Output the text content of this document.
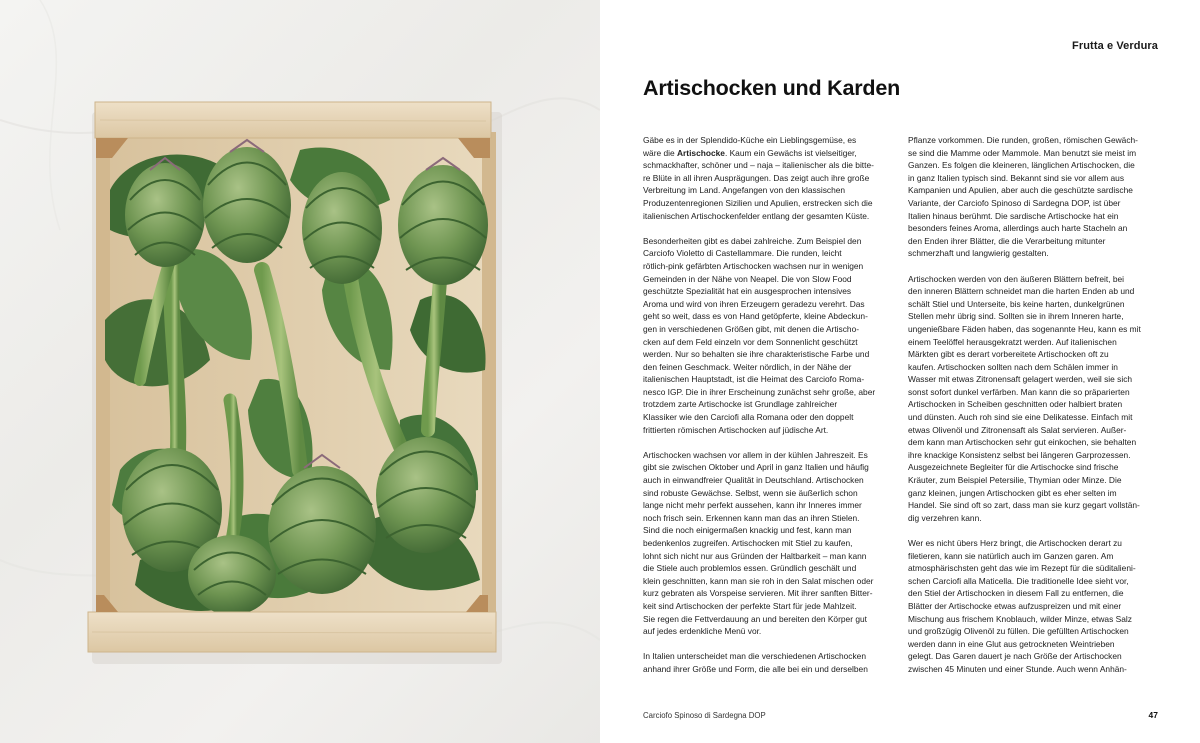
Frutta e Verdura
Artischocken und Karden

Gäbe es in der Splendido-Küche ein Lieblingsgemüse, es
wäre die Artischocke. Kaum ein Gewächs ist vielseitiger,
schmackhafter, schöner und – naja – italienischer als die bitte-
re Blüte in all ihren Ausprägungen. Das zeigt auch ihre große
Verbreitung im Land. Angefangen von den klassischen
Produzentenregionen Sizilien und Apulien, erstrecken sich die
italienischen Artischockenfelder entlang der gesamten Küste.

Besonderheiten gibt es dabei zahlreiche. Zum Beispiel den
Carciofo Violetto di Castellammare. Die runden, leicht
rötlich-pink gefärbten Artischocken wachsen nur in wenigen
Gemeinden in der Nähe von Neapel. Die von Slow Food
geschützte Spezialität hat ein ausgesprochen intensives
Aroma und wird von ihren Erzeugern geradezu verehrt. Das
geht so weit, dass es von Hand getöpferte, kleine Abdeckun-
gen in verschiedenen Größen gibt, mit denen die Artischo-
cken auf dem Feld einzeln vor dem Sonnenlicht geschützt
werden. Nur so behalten sie ihre charakteristische Farbe und
den feinen Geschmack. Weiter nördlich, in der Nähe der
italienischen Hauptstadt, ist die Heimat des Carciofo Roma-
nesco IGP. Die in ihrer Erscheinung zunächst sehr große, aber
trotzdem zarte Artischocke ist Grundlage zahlreicher
Klassiker wie den Carciofi alla Romana oder den doppelt
frittierten römischen Artischocken auf jüdische Art.

Artischocken wachsen vor allem in der kühlen Jahreszeit. Es
gibt sie zwischen Oktober und April in ganz Italien und häufig
auch in einwandfreier Qualität in Deutschland. Artischocken
sind robuste Gewächse. Selbst, wenn sie äußerlich schon
lange nicht mehr perfekt aussehen, kann ihr Inneres immer
noch frisch sein. Erkennen kann man das an ihren Stielen.
Sind die noch einigermaßen knackig und fest, kann man
bedenkenlos zugreifen. Artischocken mit Stiel zu kaufen,
lohnt sich nicht nur aus Gründen der Haltbarkeit – man kann
die Stiele auch problemlos essen. Gründlich geschält und
klein geschnitten, kann man sie roh in den Salat mischen oder
kurz gebraten als Vorspeise servieren. Mit ihrer sanften Bitter-
keit sind Artischocken der perfekte Start für jede Mahlzeit.
Sie regen die Fettverdauung an und bereiten den Körper gut
auf jedes erdenkliche Menü vor.

In Italien unterscheidet man die verschiedenen Artischocken
anhand ihrer Größe und Form, die alle bei ein und derselben

Pflanze vorkommen. Die runden, großen, römischen Gewäch-
se sind die Mamme oder Mammole. Man benutzt sie meist im
Ganzen. Es folgen die kleineren, länglichen Artischocken, die
in ganz Italien typisch sind. Bekannt sind sie vor allem aus
Kampanien und Apulien, aber auch die geschützte sardische
Variante, der Carciofo Spinoso di Sardegna DOP, ist über
Italien hinaus berühmt. Die sardische Artischocke hat ein
besonders feines Aroma, allerdings auch harte Stacheln an
den Enden ihrer Blätter, die die Verarbeitung mitunter
schmerzhaft und langwierig gestalten.

Artischocken werden von den äußeren Blättern befreit, bei
den inneren Blättern schneidet man die harten Enden ab und
schält Stiel und Unterseite, bis keine harten, dunkelgrünen
Stellen mehr übrig sind. Sollten sie in ihrem Inneren harte,
ungenießbare Fäden haben, das sogenannte Heu, kann es mit
einem Teelöffel herausgekratzt werden. Auf italienischen
Märkten gibt es derart vorbereitete Artischocken oft zu
kaufen. Artischocken sollten nach dem Schälen immer in
Wasser mit etwas Zitronensaft gelagert werden, weil sie sich
sonst sofort dunkel verfärben. Man kann die so präparierten
Artischocken in Scheiben geschnitten oder halbiert braten
und dünsten. Auch roh sind sie eine Delikatesse. Einfach mit
etwas Olivenöl und Zitronensaft als Salat servieren. Außer-
dem kann man Artischocken sehr gut einkochen, sie behalten
ihre knackige Konsistenz selbst bei längeren Garprozessen.
Ausgezeichnete Begleiter für die Artischocke sind frische
Kräuter, zum Beispiel Petersilie, Thymian oder Minze. Die
ganz kleinen, jungen Artischocken gibt es eher selten im
Handel. Sie sind oft so zart, dass man sie kurz gegart vollstän-
dig verzehren kann.

Wer es nicht übers Herz bringt, die Artischocken derart zu
filetieren, kann sie natürlich auch im Ganzen garen. Am
atmosphärischsten geht das wie im Rezept für die süditalieni-
schen Carciofi alla Maticella. Die traditionelle Idee sieht vor,
den Stiel der Artischocken in diesem Fall zu entfernen, die
Blätter der Artischocke etwas aufzuspreizen und mit einer
Mischung aus frischem Knoblauch, wilder Minze, etwas Salz
und großzügig Olivenöl zu füllen. Die gefüllten Artischocken
werden dann in eine Glut aus getrockneten Weintrieben
gelegt. Das Garen dauert je nach Größe der Artischocken
zwischen 45 Minuten und einer Stunde. Auch wenn Anhän-

Carciofo Spinoso di Sardegna DOP	47
